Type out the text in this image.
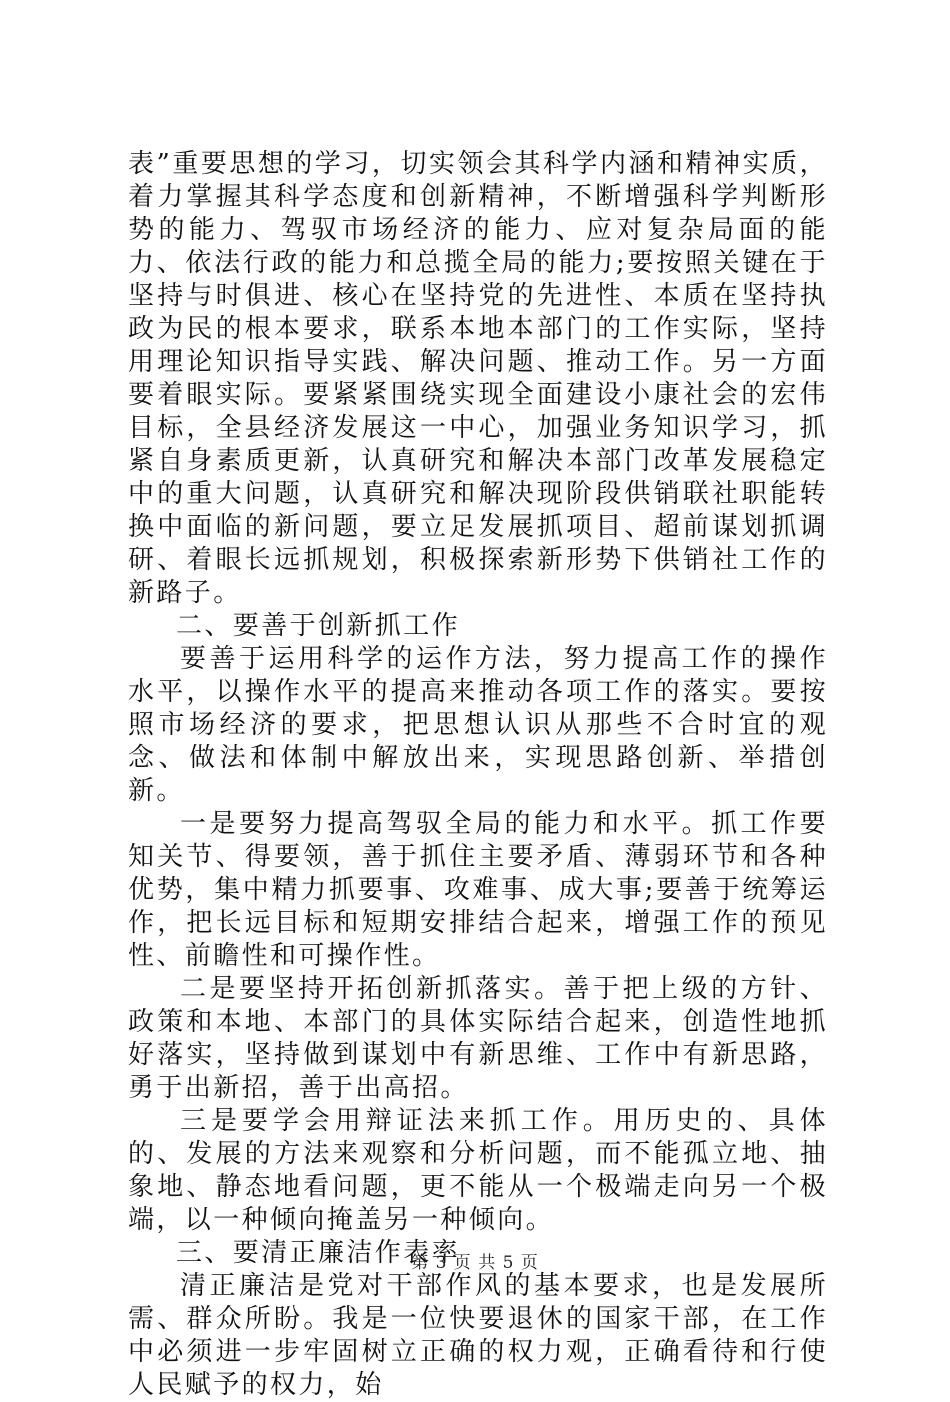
表”重要思想的学习，切实领会其科学内涵和精神实质，着力掌握其科学态度和创新精神，不断增强科学判断形势的能力、驾驭市场经济的能力、应对复杂局面的能力、依法行政的能力和总揽全局的能力;要按照关键在于坚持与时俱进、核心在坚持党的先进性、本质在坚持执政为民的根本要求，联系本地本部门的工作实际，坚持用理论知识指导实践、解决问题、推动工作。另一方面要着眼实际。要紧紧围绕实现全面建设小康社会的宏伟目标，全县经济发展这一中心，加强业务知识学习，抓紧自身素质更新，认真研究和解决本部门改革发展稳定中的重大问题，认真研究和解决现阶段供销联社职能转换中面临的新问题，要立足发展抓项目、超前谋划抓调研、着眼长远抓规划，积极探索新形势下供销社工作的新路子。

二、要善于创新抓工作

要善于运用科学的运作方法，努力提高工作的操作水平，以操作水平的提高来推动各项工作的落实。要按照市场经济的要求，把思想认识从那些不合时宜的观念、做法和体制中解放出来，实现思路创新、举措创新。

一是要努力提高驾驭全局的能力和水平。抓工作要知关节、得要领，善于抓住主要矛盾、薄弱环节和各种优势，集中精力抓要事、攻难事、成大事;要善于统筹运作，把长远目标和短期安排结合起来，增强工作的预见性、前瞻性和可操作性。

二是要坚持开拓创新抓落实。善于把上级的方针、政策和本地、本部门的具体实际结合起来，创造性地抓好落实，坚持做到谋划中有新思维、工作中有新思路，勇于出新招，善于出高招。

三是要学会用辩证法来抓工作。用历史的、具体的、发展的方法来观察和分析问题，而不能孤立地、抽象地、静态地看问题，更不能从一个极端走向另一个极端，以一种倾向掩盖另一种倾向。

三、要清正廉洁作表率

清正廉洁是党对干部作风的基本要求，也是发展所需、群众所盼。我是一位快要退休的国家干部，在工作中必须进一步牢固树立正确的权力观，正确看待和行使人民赋予的权力，始

第 3 页 共 5 页
